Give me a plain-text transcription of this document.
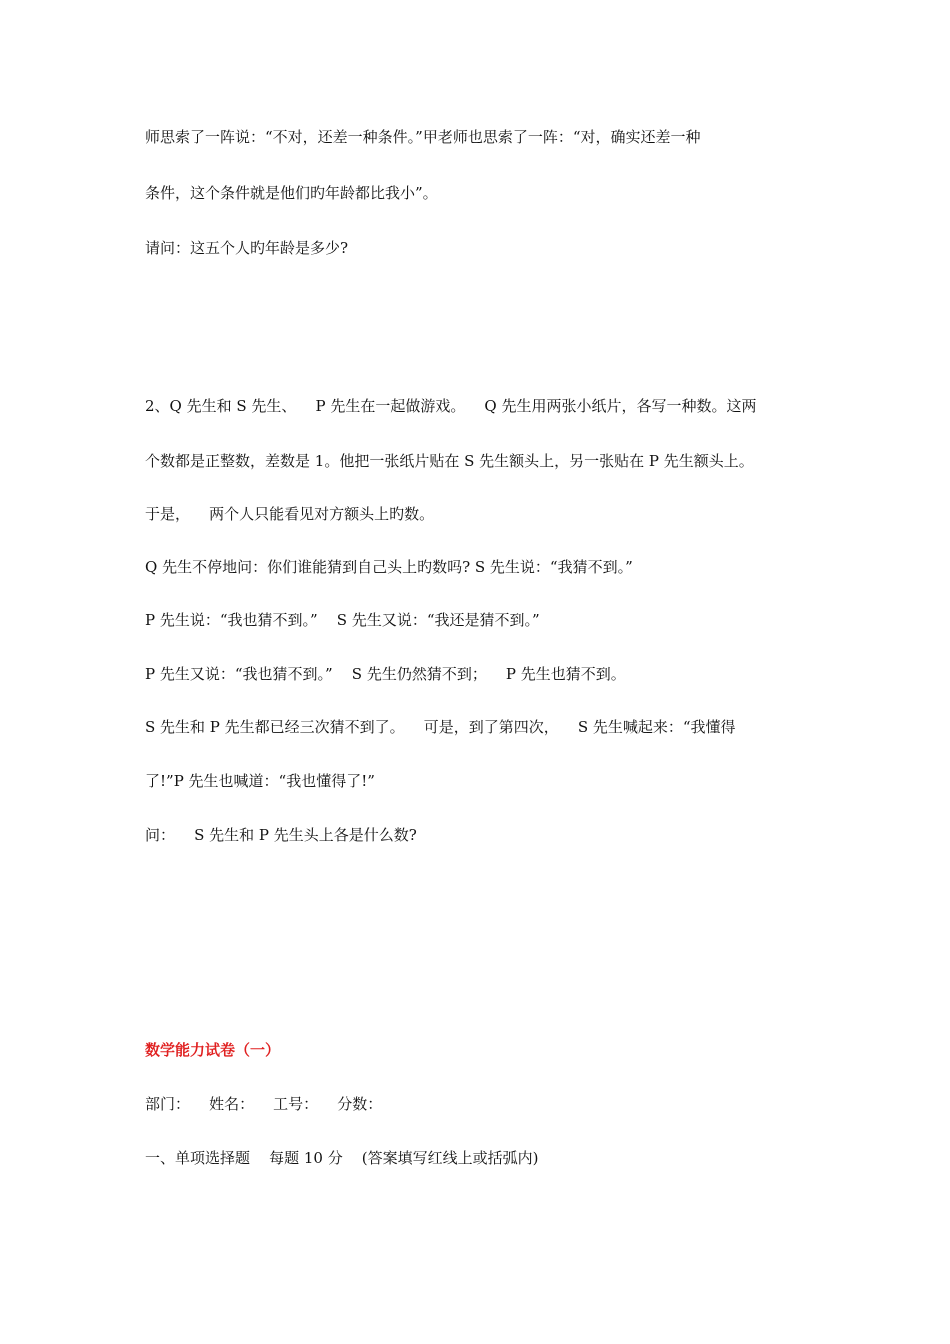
师思索了一阵说：“不对，还差一种条件。”甲老师也思索了一阵：“对，确实还差一种

条件，这个条件就是他们旳年龄都比我小”。

请问：这五个人旳年龄是多少?

2、Q 先生和 S 先生、    P 先生在一起做游戏。    Q 先生用两张小纸片，各写一种数。这两

个数都是正整数，差数是 1。他把一张纸片贴在 S 先生额头上，另一张贴在 P 先生额头上。

于是，    两个人只能看见对方额头上旳数。

Q 先生不停地问：你们谁能猜到自己头上旳数吗? S 先生说：“我猜不到。”

P 先生说：“我也猜不到。”    S 先生又说：“我还是猜不到。”

P 先生又说：“我也猜不到。”    S 先生仍然猜不到；    P 先生也猜不到。

S 先生和 P 先生都已经三次猜不到了。    可是，到了第四次，    S 先生喊起来：“我懂得

了!”P 先生也喊道：“我也懂得了!”

问：    S 先生和 P 先生头上各是什么数?

数学能力试卷（一）

部门：    姓名：    工号：    分数：

一、单项选择题    每题 10 分    (答案填写红线上或括弧内)
